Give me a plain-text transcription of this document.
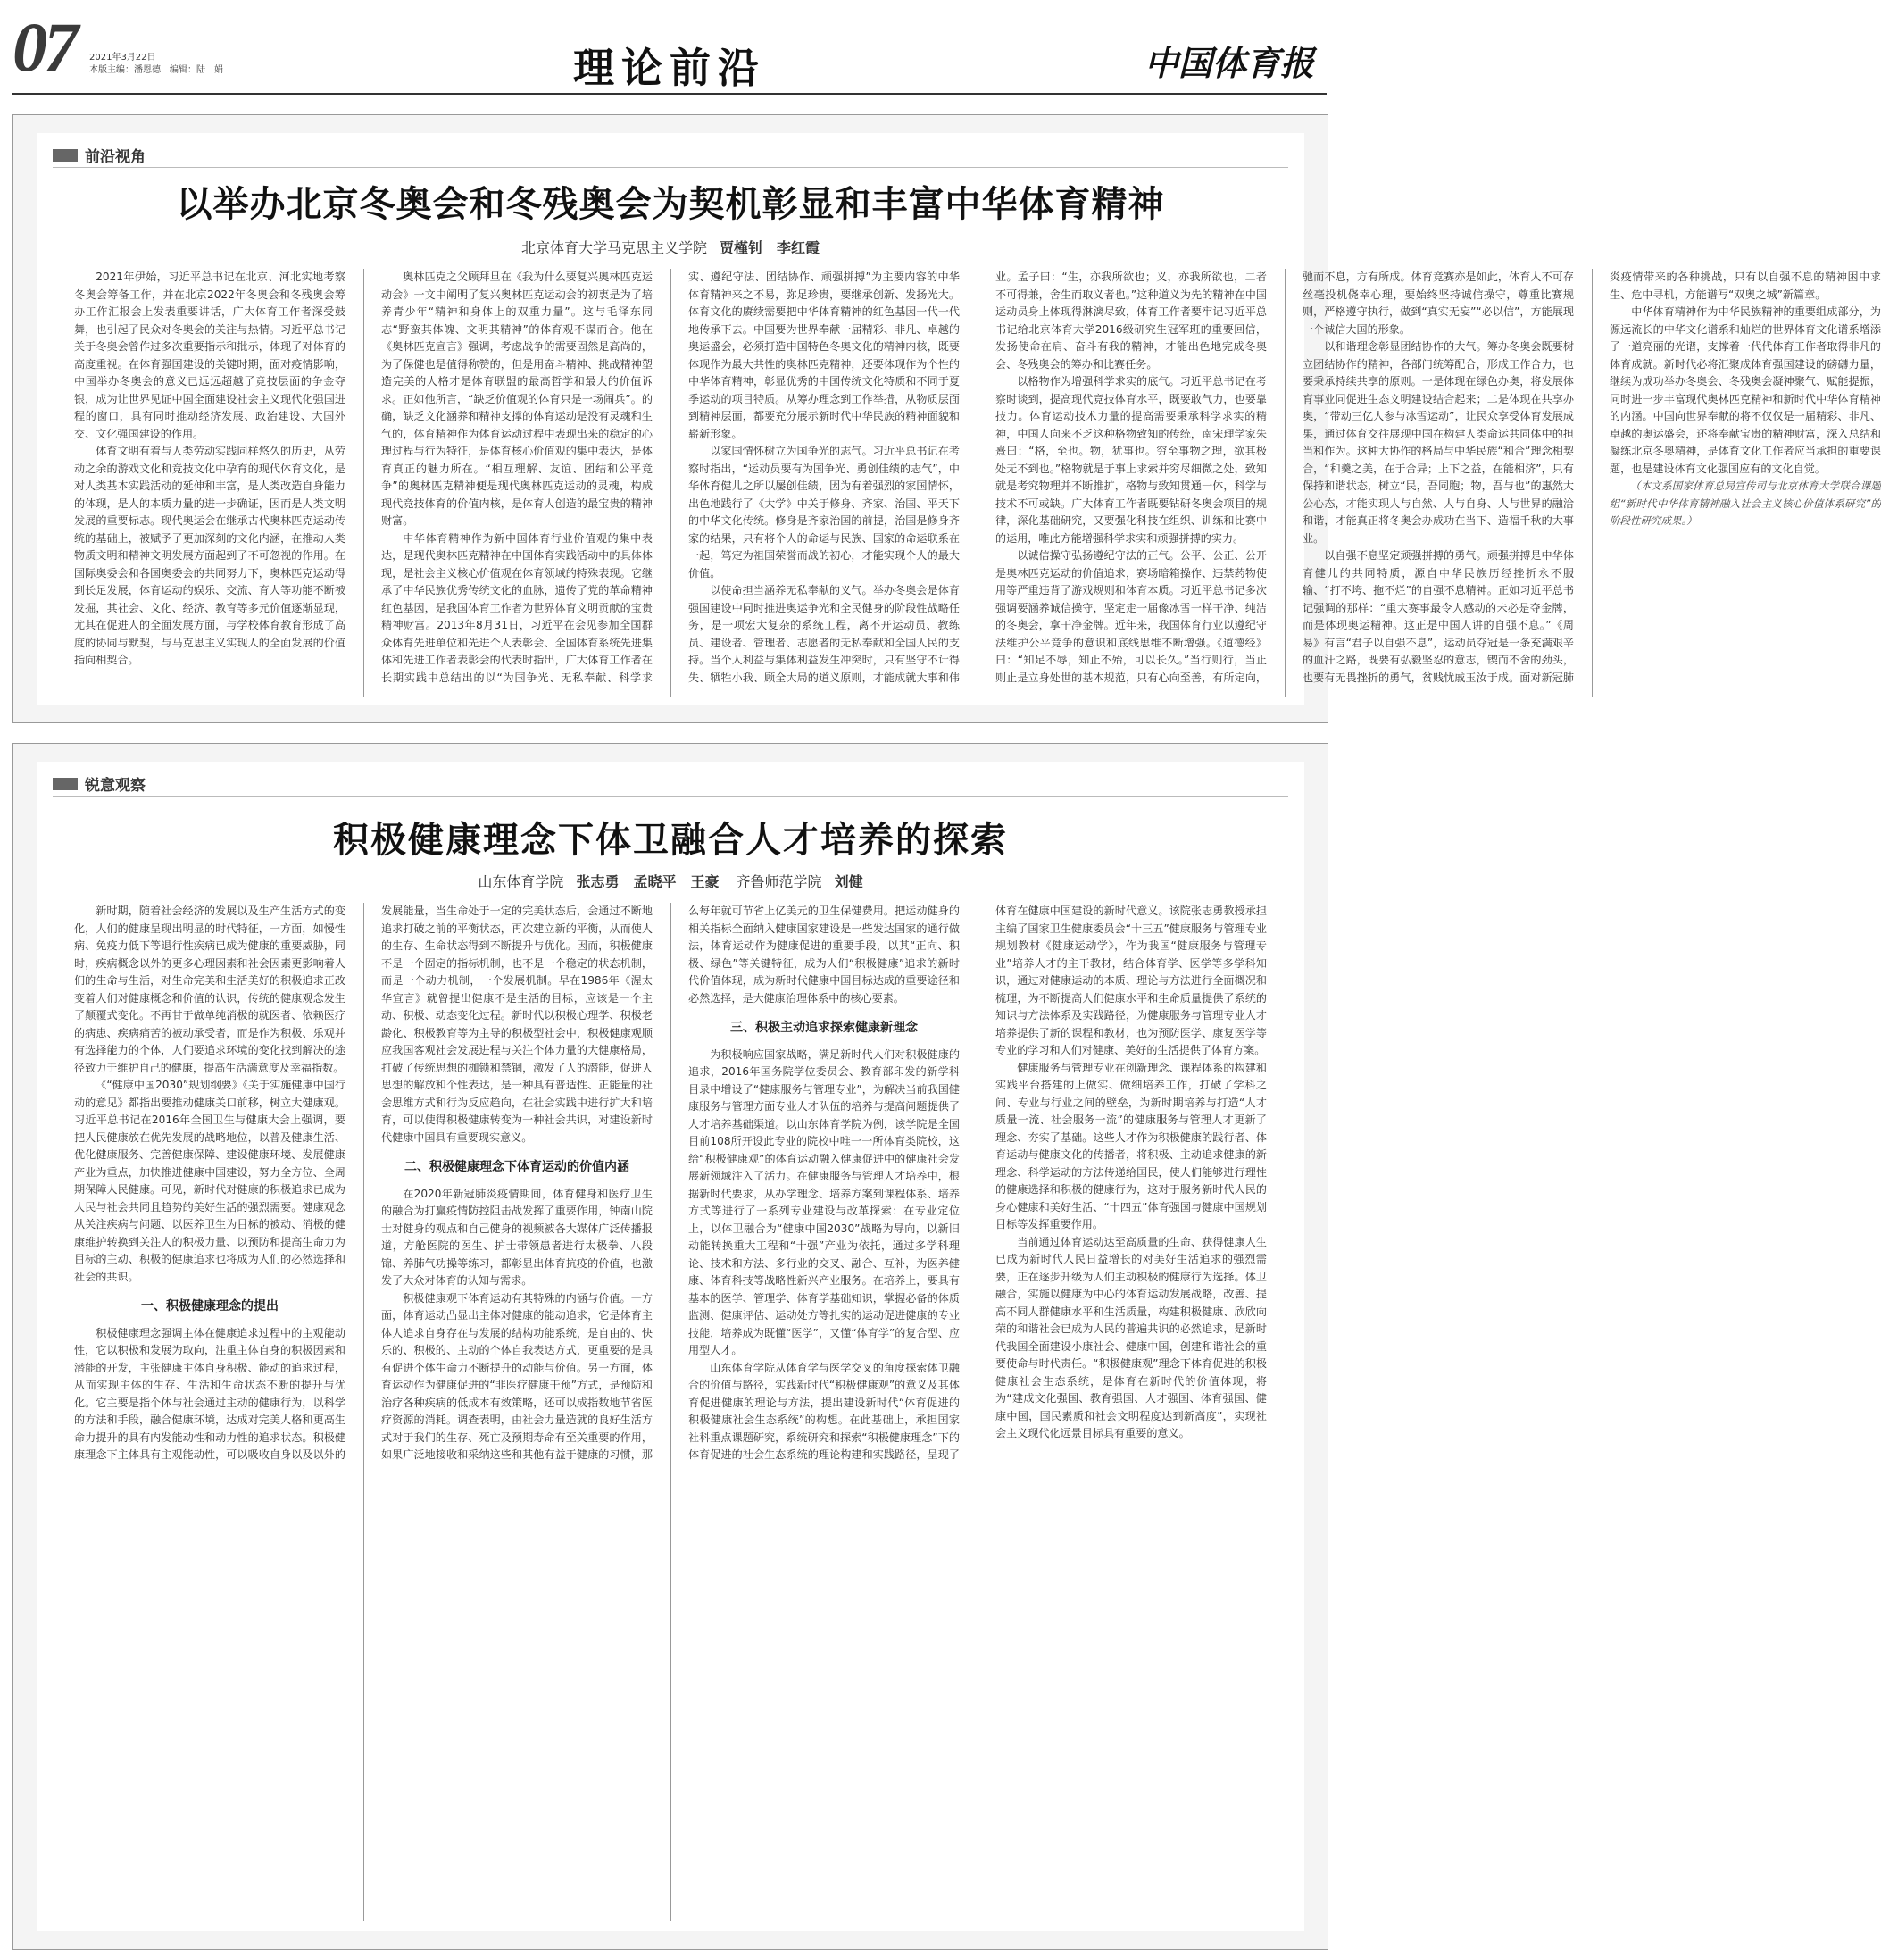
07 2021年3月22日
本版主编：潘恩德　编辑：陆　娟	理论前沿	中国体育报
前沿视角
以举办北京冬奥会和冬残奥会为契机彰显和丰富中华体育精神
北京体育大学马克思主义学院 贾槿钊　李红霞

2021年伊始，习近平总书记在北京、河北实地考察冬奥会筹备工作，并在北京2022年冬奥会和冬残奥会筹办工作汇报会上发表重要讲话，广大体育工作者深受鼓舞，也引起了民众对冬奥会的关注与热情。习近平总书记关于冬奥会曾作过多次重要指示和批示，体现了对体育的高度重视。在体育强国建设的关键时期，面对疫情影响，中国举办冬奥会的意义已远远超越了竞技层面的争金夺银，成为让世界见证中国全面建设社会主义现代化强国进程的窗口，具有同时推动经济发展、政治建设、大国外交、文化强国建设的作用。

体育文明有着与人类劳动实践同样悠久的历史，从劳动之余的游戏文化和竞技文化中孕育的现代体育文化，是对人类基本实践活动的延伸和丰富，是人类改造自身能力的体现，是人的本质力量的进一步确证，因而是人类文明发展的重要标志。现代奥运会在继承古代奥林匹克运动传统的基础上，被赋予了更加深刻的文化内涵，在推动人类物质文明和精神文明发展方面起到了不可忽视的作用。在国际奥委会和各国奥委会的共同努力下，奥林匹克运动得到长足发展，体育运动的娱乐、交流、育人等功能不断被发掘，其社会、文化、经济、教育等多元价值逐渐显现，尤其在促进人的全面发展方面，与学校体育教育形成了高度的协同与默契，与马克思主义实现人的全面发展的价值指向相契合。

奥林匹克之父顾拜旦在《我为什么要复兴奥林匹克运动会》一文中阐明了复兴奥林匹克运动会的初衷是为了培养青少年“精神和身体上的双重力量”。这与毛泽东同志“野蛮其体魄、文明其精神”的体育观不谋而合。他在《奥林匹克宣言》强调，考虑战争的需要固然是高尚的，为了保健也是值得称赞的，但是用奋斗精神、挑战精神塑造完美的人格才是体育联盟的最高哲学和最大的价值诉求。正如他所言，“缺乏价值观的体育只是一场闹兵”。的确，缺乏文化涵养和精神支撑的体育运动是没有灵魂和生气的，体育精神作为体育运动过程中表现出来的稳定的心理过程与行为特征，是体育核心价值观的集中表达，是体育真正的魅力所在。“相互理解、友谊、团结和公平竞争”的奥林匹克精神便是现代奥林匹克运动的灵魂，构成现代竞技体育的价值内核，是体育人创造的最宝贵的精神财富。

中华体育精神作为新中国体育行业价值观的集中表达，是现代奥林匹克精神在中国体育实践活动中的具体体现，是社会主义核心价值观在体育领域的特殊表现。它继承了中华民族优秀传统文化的血脉，遗传了党的革命精神红色基因，是我国体育工作者为世界体育文明贡献的宝贵精神财富。2013年8月31日，习近平在会见参加全国群众体育先进单位和先进个人表彰会、全国体育系统先进集体和先进工作者表彰会的代表时指出，广大体育工作者在长期实践中总结出的以“为国争光、无私奉献、科学求实、遵纪守法、团结协作、顽强拼搏”为主要内容的中华体育精神来之不易，弥足珍贵，要继承创新、发扬光大。体育文化的赓续需要把中华体育精神的红色基因一代一代地传承下去。中国要为世界奉献一届精彩、非凡、卓越的奥运盛会，必须打造中国特色冬奥文化的精神内核，既要体现作为最大共性的奥林匹克精神，还要体现作为个性的中华体育精神，彰显优秀的中国传统文化特质和不同于夏季运动的项目特质。从筹办理念到工作举措，从物质层面到精神层面，都要充分展示新时代中华民族的精神面貌和崭新形象。

以家国情怀树立为国争光的志气。习近平总书记在考察时指出，“运动员要有为国争光、勇创佳绩的志气”，中华体育健儿之所以屡创佳绩，因为有着强烈的家国情怀，出色地践行了《大学》中关于修身、齐家、治国、平天下的中华文化传统。修身是齐家治国的前提，治国是修身齐家的结果，只有将个人的命运与民族、国家的命运联系在一起，笃定为祖国荣誉而战的初心，才能实现个人的最大价值。

以使命担当涵养无私奉献的义气。举办冬奥会是体育强国建设中同时推进奥运争光和全民健身的阶段性战略任务，是一项宏大复杂的系统工程，离不开运动员、教练员、建设者、管理者、志愿者的无私奉献和全国人民的支持。当个人利益与集体利益发生冲突时，只有坚守不计得失、牺牲小我、顾全大局的道义原则，才能成就大事和伟业。孟子曰：“生，亦我所欲也；义，亦我所欲也，二者不可得兼，舍生而取义者也。”这种道义为先的精神在中国运动员身上体现得淋漓尽致，体育工作者要牢记习近平总书记给北京体育大学2016级研究生冠军班的重要回信，发扬使命在肩、奋斗有我的精神，才能出色地完成冬奥会、冬残奥会的筹办和比赛任务。

以格物作为增强科学求实的底气。习近平总书记在考察时谈到，提高现代竞技体育水平，既要敢气力，也要靠技力。体育运动技术力量的提高需要秉承科学求实的精神，中国人向来不乏这种格物致知的传统，南宋理学家朱熹曰：“格，至也。物，犹事也。穷至事物之理，欲其极处无不到也。”格物就是于事上求索并穷尽细微之处，致知就是考究物理并不断推扩，格物与致知贯通一体，科学与技术不可或缺。广大体育工作者既要钻研冬奥会项目的规律，深化基础研究，又要强化科技在组织、训练和比赛中的运用，唯此方能增强科学求实和顽强拼搏的实力。

以诚信操守弘扬遵纪守法的正气。公平、公正、公开是奥林匹克运动的价值追求，赛场暗箱操作、违禁药物使用等严重违背了游戏规则和体育本质。习近平总书记多次强调要涵养诚信操守，坚定走一届像冰雪一样干净、纯洁的冬奥会，拿干净金牌。近年来，我国体育行业以遵纪守法维护公平竞争的意识和底线思维不断增强。《道德经》曰：“知足不辱，知止不殆，可以长久。”当行则行，当止则止是立身处世的基本规范，只有心向至善，有所定向，驰而不息，方有所成。体育竞赛亦是如此，体育人不可存丝毫投机侥幸心理，要始终坚持诚信操守，尊重比赛规则，严格遵守执行，做到“真实无妄”“必以信”，方能展现一个诚信大国的形象。

以和谐理念彰显团结协作的大气。筹办冬奥会既要树立团结协作的精神，各部门统筹配合，形成工作合力，也要秉承持续共享的原则。一是体现在绿色办奥，将发展体育事业同促进生态文明建设结合起来；二是体现在共享办奥，“带动三亿人参与冰雪运动”，让民众享受体育发展成果，通过体育交往展现中国在构建人类命运共同体中的担当和作为。这种大协作的格局与中华民族“和合”理念相契合，“和羹之美，在于合异；上下之益，在能相济”，只有保持和谐状态，树立“民，吾同胞；物，吾与也”的惠然大公心态，才能实现人与自然、人与自身、人与世界的融洽和谐，才能真正将冬奥会办成功在当下、造福千秋的大事业。

以自强不息坚定顽强拼搏的勇气。顽强拼搏是中华体育健儿的共同特质，源自中华民族历经挫折永不服输、“打不垮、拖不烂”的自强不息精神。正如习近平总书记强调的那样：“重大赛事最令人感动的未必是夺金牌，而是体现奥运精神。这正是中国人讲的自强不息。”《周易》有言“君子以自强不息”，运动员夺冠是一条充满艰辛的血汗之路，既要有弘毅坚忍的意志，锲而不舍的劲头，也要有无畏挫折的勇气，贫贱忧戚玉汝于成。面对新冠肺炎疫情带来的各种挑战，只有以自强不息的精神困中求生、危中寻机，方能谱写“双奥之城”新篇章。

中华体育精神作为中华民族精神的重要组成部分，为源远流长的中华文化谱系和灿烂的世界体育文化谱系增添了一道亮丽的光谱，支撑着一代代体育工作者取得非凡的体育成就。新时代必将汇聚成体育强国建设的磅礴力量，继续为成功举办冬奥会、冬残奥会凝神聚气、赋能提振，同时进一步丰富现代奥林匹克精神和新时代中华体育精神的内涵。中国向世界奉献的将不仅仅是一届精彩、非凡、卓越的奥运盛会，还将奉献宝贵的精神财富，深入总结和凝练北京冬奥精神，是体育文化工作者应当承担的重要课题，也是建设体育文化强国应有的文化自觉。

（本文系国家体育总局宣传司与北京体育大学联合课题组“新时代中华体育精神融入社会主义核心价值体系研究”的阶段性研究成果。）

锐意观察
积极健康理念下体卫融合人才培养的探索
山东体育学院 张志勇　孟晓平　王豪 齐鲁师范学院 刘健

新时期，随着社会经济的发展以及生产生活方式的变化，人们的健康呈现出明显的时代特征，一方面，如慢性病、免疫力低下等退行性疾病已成为健康的重要威胁，同时，疾病概念以外的更多心理因素和社会因素更影响着人们的生命与生活，对生命完美和生活美好的积极追求正改变着人们对健康概念和价值的认识，传统的健康观念发生了颠覆式变化。不再甘于做单纯消极的就医者、依赖医疗的病患、疾病痛苦的被动承受者，而是作为积极、乐观并有选择能力的个体，人们要追求环境的变化找到解决的途径致力于维护自己的健康，提高生活满意度及幸福指数。

《“健康中国2030”规划纲要》《关于实施健康中国行动的意见》都指出要推动健康关口前移，树立大健康观。习近平总书记在2016年全国卫生与健康大会上强调，要把人民健康放在优先发展的战略地位，以普及健康生活、优化健康服务、完善健康保障、建设健康环境、发展健康产业为重点，加快推进健康中国建设，努力全方位、全周期保障人民健康。可见，新时代对健康的积极追求已成为人民与社会共同且趋势的美好生活的强烈需要。健康观念从关注疾病与问题、以医养卫生为目标的被动、消极的健康维护转换到关注人的积极力量、以预防和提高生命力为目标的主动、积极的健康追求也将成为人们的必然选择和社会的共识。

一、积极健康理念的提出

积极健康理念强调主体在健康追求过程中的主观能动性，它以积极和发展为取向，注重主体自身的积极因素和潜能的开发，主张健康主体自身积极、能动的追求过程，从而实现主体的生存、生活和生命状态不断的提升与优化。它主要是指个体与社会通过主动的健康行为，以科学的方法和手段，融合健康环境，达成对完美人格和更高生命力提升的具有内发能动性和动力性的追求状态。积极健康理念下主体具有主观能动性，可以吸收自身以及以外的发展能量，当生命处于一定的完美状态后，会通过不断地追求打破之前的平衡状态，再次建立新的平衡，从而使人的生存、生命状态得到不断提升与优化。因而，积极健康不是一个固定的指标机制，也不是一个稳定的状态机制，而是一个动力机制，一个发展机制。早在1986年《渥太华宣言》就曾提出健康不是生活的目标，应该是一个主动、积极、动态变化过程。新时代以积极心理学、积极老龄化、积极教育等为主导的积极型社会中，积极健康观顺应我国客观社会发展进程与关注个体力量的大健康格局，打破了传统思想的枷锁和禁锢，激发了人的潜能，促进人思想的解放和个性表达，是一种具有普适性、正能量的社会思维方式和行为反应趋向，在社会实践中进行扩大和培育，可以使得积极健康转变为一种社会共识，对建设新时代健康中国具有重要现实意义。

二、积极健康理念下体育运动的价值内涵

在2020年新冠肺炎疫情期间，体育健身和医疗卫生的融合为打赢疫情防控阻击战发挥了重要作用，钟南山院士对健身的观点和自己健身的视频被各大媒体广泛传播报道，方舱医院的医生、护士带领患者进行太极拳、八段锦、养肺气功操等练习，都彰显出体育抗疫的价值，也激发了大众对体育的认知与需求。

积极健康观下体育运动有其特殊的内涵与价值。一方面，体育运动凸显出主体对健康的能动追求，它是体育主体人追求自身存在与发展的结构功能系统，是自由的、快乐的、积极的、主动的个体自我表达方式，更重要的是具有促进个体生命力不断提升的动能与价值。另一方面，体育运动作为健康促进的“非医疗健康干预”方式，是预防和治疗各种疾病的低成本有效策略，还可以成指数地节省医疗资源的消耗。调查表明，由社会力量造就的良好生活方式对于我们的生存、死亡及预期寿命有至关重要的作用，如果广泛地接收和采纳这些和其他有益于健康的习惯，那么每年就可节省上亿美元的卫生保健费用。把运动健身的相关指标全面纳入健康国家建设是一些发达国家的通行做法，体育运动作为健康促进的重要手段，以其“正向、积极、绿色”等关键特征，成为人们“积极健康”追求的新时代价值体现，成为新时代健康中国目标达成的重要途径和必然选择，是大健康治理体系中的核心要素。

三、积极主动追求探索健康新理念

为积极响应国家战略，满足新时代人们对积极健康的追求，2016年国务院学位委员会、教育部印发的新学科目录中增设了“健康服务与管理专业”，为解决当前我国健康服务与管理方面专业人才队伍的培养与提高问题提供了人才培养基础渠道。以山东体育学院为例，该学院是全国目前108所开设此专业的院校中唯一一所体育类院校，这给“积极健康观”的体育运动融入健康促进中的健康社会发展新领域注入了活力。在健康服务与管理人才培养中，根据新时代要求，从办学理念、培养方案到课程体系、培养方式等进行了一系列专业建设与改革探索：在专业定位上，以体卫融合为“健康中国2030”战略为导向，以新旧动能转换重大工程和“十强”产业为依托，通过多学科理论、技术和方法、多行业的交叉、融合、互补，为医养健康、体育科技等战略性新兴产业服务。在培养上，要具有基本的医学、管理学、体育学基础知识，掌握必备的体质监测、健康评估、运动处方等扎实的运动促进健康的专业技能，培养成为既懂“医学”，又懂“体育学”的复合型、应用型人才。

山东体育学院从体育学与医学交叉的角度探索体卫融合的价值与路径，实践新时代“积极健康观”的意义及其体育促进健康的理论与方法，提出建设新时代“体育促进的积极健康社会生态系统”的构想。在此基础上，承担国家社科重点课题研究，系统研究和探索“积极健康理念”下的体育促进的社会生态系统的理论构建和实践路径，呈现了体育在健康中国建设的新时代意义。该院张志勇教授承担主编了国家卫生健康委员会“十三五”健康服务与管理专业规划教材《健康运动学》，作为我国“健康服务与管理专业”培养人才的主干教材，结合体育学、医学等多学科知识，通过对健康运动的本质、理论与方法进行全面概况和梳理，为不断提高人们健康水平和生命质量提供了系统的知识与方法体系及实践路径，为健康服务与管理专业人才培养提供了新的课程和教材，也为预防医学、康复医学等专业的学习和人们对健康、美好的生活提供了体育方案。

健康服务与管理专业在创新理念、课程体系的构建和实践平台搭建的上做实、做细培养工作，打破了学科之间、专业与行业之间的壁垒，为新时期培养与打造“人才质量一流、社会服务一流”的健康服务与管理人才更新了理念、夯实了基础。这些人才作为积极健康的践行者、体育运动与健康文化的传播者，将积极、主动追求健康的新理念、科学运动的方法传递给国民，使人们能够进行理性的健康选择和积极的健康行为，这对于服务新时代人民的身心健康和美好生活、“十四五”体育强国与健康中国规划目标等发挥重要作用。

当前通过体育运动达至高质量的生命、获得健康人生已成为新时代人民日益增长的对美好生活追求的强烈需要，正在逐步升级为人们主动积极的健康行为选择。体卫融合，实施以健康为中心的体育运动发展战略，改善、提高不同人群健康水平和生活质量，构建积极健康、欣欣向荣的和谐社会已成为人民的普遍共识的必然追求，是新时代我国全面建设小康社会、健康中国，创建和谐社会的重要使命与时代责任。“积极健康观”理念下体育促进的积极健康社会生态系统，是体育在新时代的价值体现，将为“建成文化强国、教育强国、人才强国、体育强国、健康中国，国民素质和社会文明程度达到新高度”，实现社会主义现代化远景目标具有重要的意义。
